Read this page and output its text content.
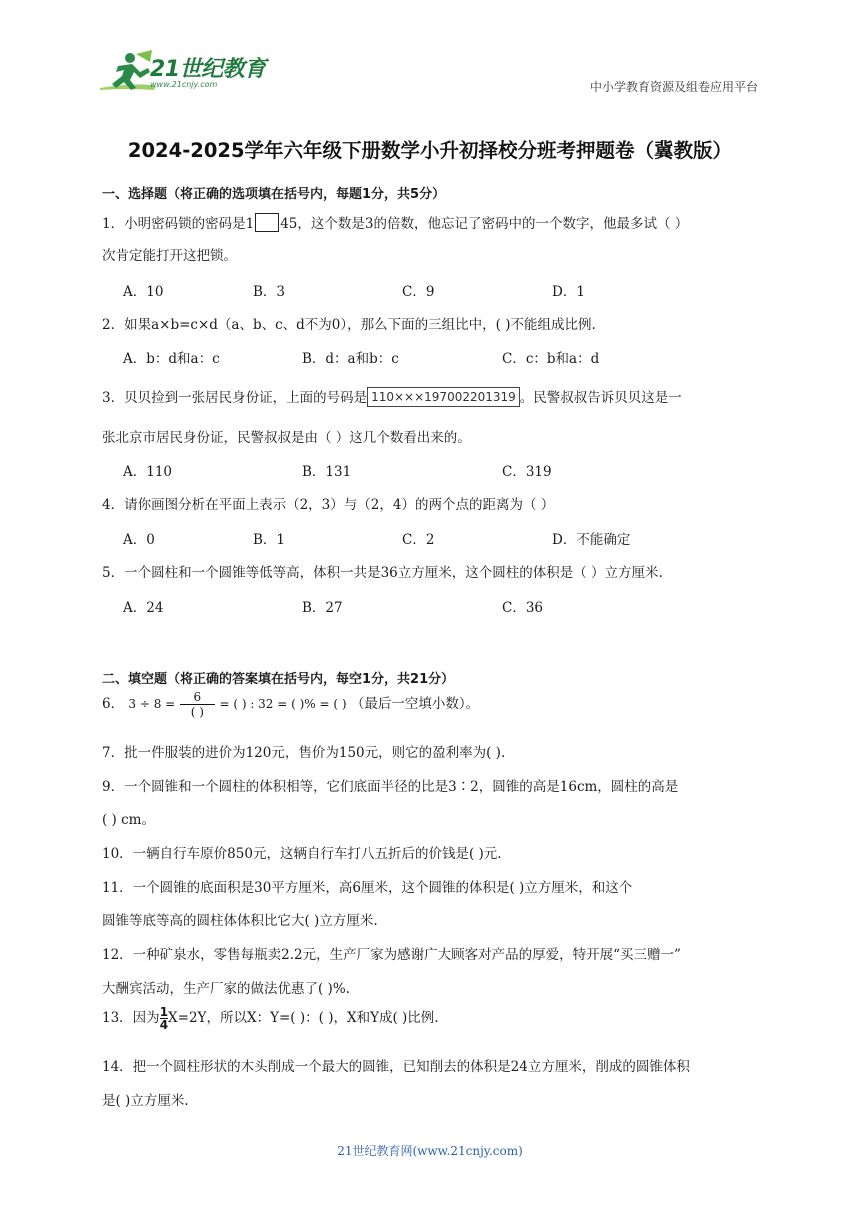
21世纪教育
www.21cnjy.com	中小学教育资源及组卷应用平台
2024-2025学年六年级下册数学小升初择校分班考押题卷（冀教版）
一、选择题（将正确的选项填在括号内，每题1分，共5分）
1．小明密码锁的密码是1 45，这个数是3的倍数，他忘记了密码中的一个数字，他最多试（ ）
次肯定能打开这把锁。
A．10	B．3	C．9	D．1
2．如果a×b=c×d（a、b、c、d不为0），那么下面的三组比中，( )不能组成比例.
A．b：d和a：c	B．d：a和b：c	C．c：b和a：d
3．贝贝捡到一张居民身份证，上面的号码是 110×××197002201319 。民警叔叔告诉贝贝这是一
张北京市居民身份证，民警叔叔是由（ ）这几个数看出来的。
A．110	B．131	C．319
4．请你画图分析在平面上表示（2，3）与（2，4）的两个点的距离为（ ）
A．0	B．1	C．2	D．不能确定
5．一个圆柱和一个圆锥等低等高，体积一共是36立方厘米，这个圆柱的体积是（ ）立方厘米.
A．24	B．27	C．36
二、填空题（将正确的答案填在括号内，每空1分，共21分）
6． $3 \div 8 = \frac{6}{( )}$ = ( ) : 32 = ( )% = ( ) （最后一空填小数）。
7．批一件服装的进价为120元，售价为150元，则它的盈利率为( ).
9．一个圆锥和一个圆柱的体积相等，它们底面半径的比是3∶2，圆锥的高是16cm，圆柱的高是
( ) cm。
10．一辆自行车原价850元，这辆自行车打八五折后的价钱是( )元.
11．一个圆锥的底面积是30平方厘米，高6厘米，这个圆锥的体积是( )立方厘米，和这个
圆锥等底等高的圆柱体体积比它大( )立方厘米.
12．一种矿泉水，零售每瓶卖2.2元，生产厂家为感谢广大顾客对产品的厚爱，特开展“买三赠一”
大酬宾活动，生产厂家的做法优惠了( )%.
13．因为 $\frac{1}{4}X=2Y$，所以X：Y=( )：( )，X和Y成( )比例.
14．把一个圆柱形状的木头削成一个最大的圆锥，已知削去的体积是24立方厘米，削成的圆锥体积
是( )立方厘米.
21世纪教育网(www.21cnjy.com)
